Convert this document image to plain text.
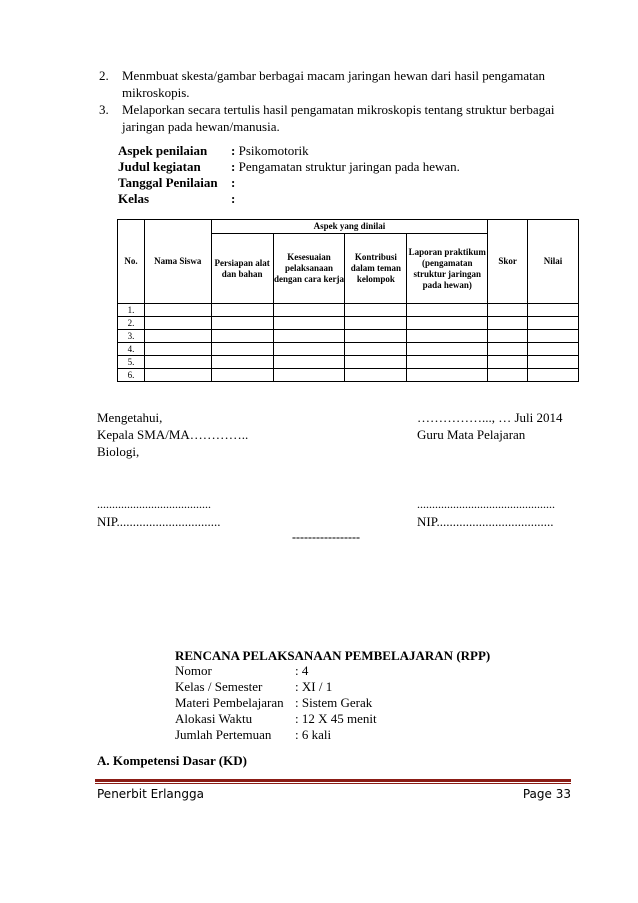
2. Menmbuat skesta/gambar berbagai macam jaringan hewan dari hasil pengamatan mikroskopis.
3. Melaporkan secara tertulis hasil pengamatan mikroskopis tentang struktur berbagai jaringan pada hewan/manusia.
Aspek penilaian	: Psikomotorik
Judul kegiatan	: Pengamatan struktur jaringan pada hewan.
Tanggal Penilaian	:
Kelas	:
No.	Nama Siswa	Aspek yang dinilai				Skor	Nilai
		Persiapan alat dan bahan	Kesesuaian pelaksanaan dengan cara kerja	Kontribusi dalam teman kelompok	Laporan praktikum (pengamatan struktur jaringan pada hewan)		
1.							
2.							
3.							
4.							
5.							
6.							
Mengetahui,
Kepala SMA/MA…………..
Biologi,
……………..., … Juli 2014
Guru Mata Pelajaran
......................................	..............................................
NIP................................	NIP....................................
-----------------
RENCANA PELAKSANAAN PEMBELAJARAN (RPP)
Nomor	: 4
Kelas / Semester	: XI / 1
Materi Pembelajaran : Sistem Gerak
Alokasi Waktu	: 12 X 45 menit
Jumlah Pertemuan	: 6 kali
A. Kompetensi Dasar (KD)
Penerbit Erlangga	Page 33
